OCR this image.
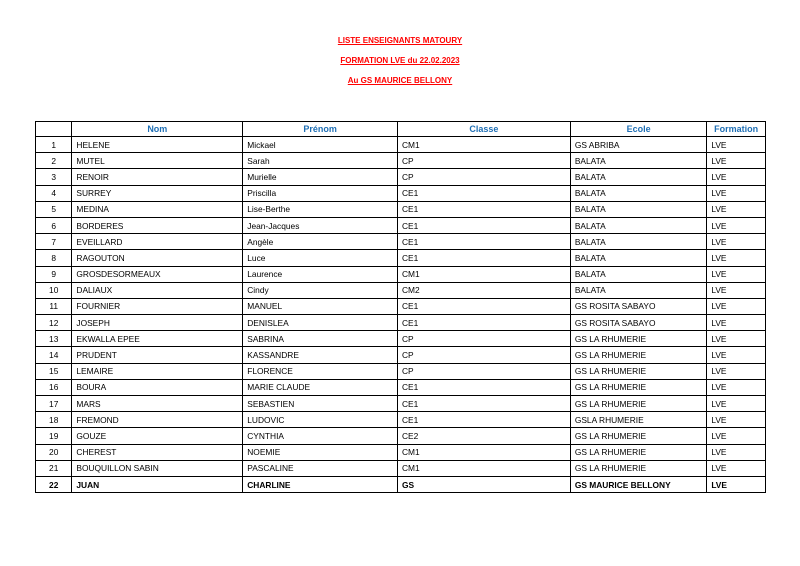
LISTE ENSEIGNANTS MATOURY
FORMATION LVE du 22.02.2023
Au GS MAURICE BELLONY
	Nom	Prénom	Classe	Ecole	Formation
1	HELENE	Mickael	CM1	GS ABRIBA	LVE
2	MUTEL	Sarah	CP	BALATA	LVE
3	RENOIR	Murielle	CP	BALATA	LVE
4	SURREY	Priscilla	CE1	BALATA	LVE
5	MEDINA	Lise-Berthe	CE1	BALATA	LVE
6	BORDERES	Jean-Jacques	CE1	BALATA	LVE
7	EVEILLARD	Angèle	CE1	BALATA	LVE
8	RAGOUTON	Luce	CE1	BALATA	LVE
9	GROSDESORMEAUX	Laurence	CM1	BALATA	LVE
10	DALIAUX	Cindy	CM2	BALATA	LVE
11	FOURNIER	MANUEL	CE1	GS ROSITA SABAYO	LVE
12	JOSEPH	DENISLEA	CE1	GS ROSITA SABAYO	LVE
13	EKWALLA EPEE	SABRINA	CP	GS LA RHUMERIE	LVE
14	PRUDENT	KASSANDRE	CP	GS LA RHUMERIE	LVE
15	LEMAIRE	FLORENCE	CP	GS LA RHUMERIE	LVE
16	BOURA	MARIE CLAUDE	CE1	GS LA RHUMERIE	LVE
17	MARS	SEBASTIEN	CE1	GS LA RHUMERIE	LVE
18	FREMOND	LUDOVIC	CE1	GSLA RHUMERIE	LVE
19	GOUZE	CYNTHIA	CE2	GS LA RHUMERIE	LVE
20	CHEREST	NOEMIE	CM1	GS LA RHUMERIE	LVE
21	BOUQUILLON SABIN	PASCALINE	CM1	GS LA RHUMERIE	LVE
22	JUAN	CHARLINE	GS	GS MAURICE BELLONY	LVE
